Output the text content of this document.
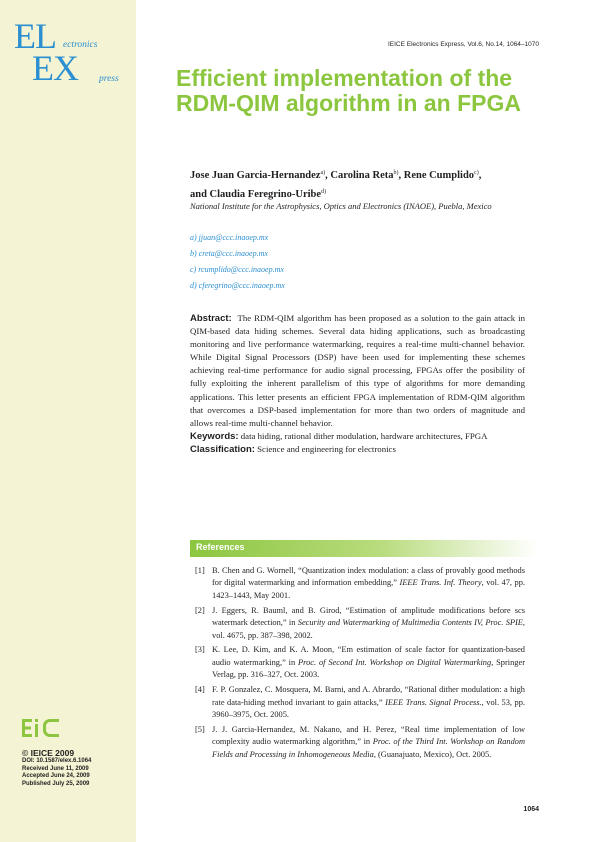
EL ectronics
EX press
IEICE Electronics Express, Vol.6, No.14, 1064–1070
Efficient implementation of the RDM-QIM algorithm in an FPGA
Jose Juan Garcia-Hernandez$^{a)}$, Carolina Reta$^{b)}$, Rene Cumplido$^{c)}$,
and Claudia Feregrino-Uribe$^{d)}$
National Institute for the Astrophysics, Optics and Electronics (INAOE), Puebla, Mexico
a) jjuan@ccc.inaoep.mx
b) creta@ccc.inaoep.mx
c) rcumplido@ccc.inaoep.mx
d) cferegrino@ccc.inaoep.mx

Abstract: The RDM-QIM algorithm has been proposed as a solution to the gain attack in QIM-based data hiding schemes. Several data hiding applications, such as broadcasting monitoring and live performance watermarking, requires a real-time multi-channel behavior. While Digital Signal Processors (DSP) have been used for implementing these schemes achieving real-time performance for audio signal processing, FPGAs offer the posibility of fully exploiting the inherent parallelism of this type of algorithms for more demanding applications. This letter presents an efficient FPGA implementation of RDM-QIM algorithm that overcomes a DSP-based implementation for more than two orders of magnitude and allows real-time multi-channel behavior.

Keywords: data hiding, rational dither modulation, hardware architectures, FPGA

Classification: Science and engineering for electronics

References
[1] B. Chen and G. Wornell, “Quantization index modulation: a class of provably good methods for digital watermarking and information embedding,” IEEE Trans. Inf. Theory, vol. 47, pp. 1423–1443, May 2001.
[2] J. Eggers, R. Bauml, and B. Girod, “Estimation of amplitude modifications before scs watermark detection,” in Security and Watermarking of Multimedia Contents IV, Proc. SPIE, vol. 4675, pp. 387–398, 2002.
[3] K. Lee, D. Kim, and K. A. Moon, “Em estimation of scale factor for quantization-based audio watermarking,” in Proc. of Second Int. Workshop on Digital Watermarking, Springer Verlag, pp. 316–327, Oct. 2003.
[4] F. P. Gonzalez, C. Mosquera, M. Barni, and A. Abrardo, “Rational dither modulation: a high rate data-hiding method invariant to gain attacks,” IEEE Trans. Signal Process., vol. 53, pp. 3960–3975, Oct. 2005.
[5] J. J. Garcia-Hernandez, M. Nakano, and H. Perez, “Real time implementation of low complexity audio watermarking algorithm,” in Proc. of the Third Int. Workshop on Random Fields and Processing in Inhomogeneous Media, (Guanajuato, Mexico), Oct. 2005.
© IEICE 2009
DOI: 10.1587/elex.6.1064
Received June 11, 2009
Accepted June 24, 2009
Published July 25, 2009
1064
